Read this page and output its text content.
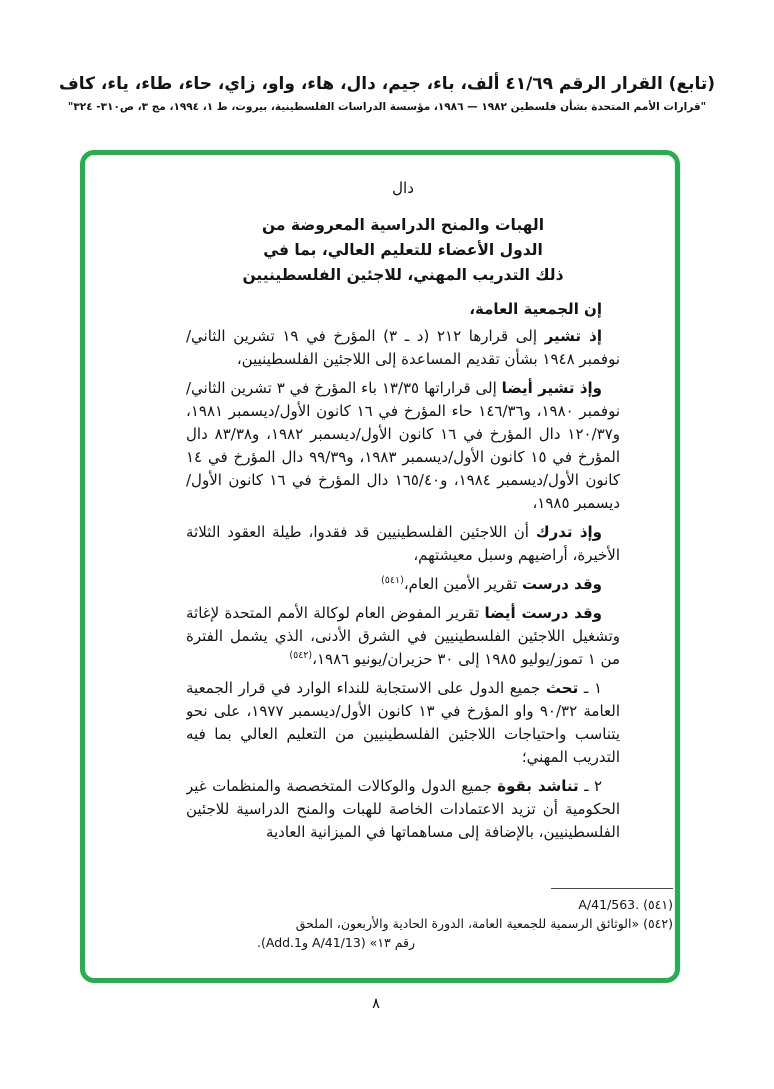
(تابع) القرار الرقم ٤١/٦٩ ألف، باء، جيم، دال، هاء، واو، زاي، حاء، طاء، ياء، كاف
"قرارات الأمم المتحدة بشأن فلسطين ١٩٨٢ — ١٩٨٦، مؤسسة الدراسات الفلسطينية، بيروت، ط ١، ١٩٩٤، مج ٣، ص٣١٠- ٣٢٤"
دال
الهبات والمنح الدراسية المعروضة من
الدول الأعضاء للتعليم العالي، بما في
ذلك التدريب المهني، للاجئين الفلسطينيين

إن الجمعية العامة،

إذ تشير إلى قرارها ٢١٢ (د ـ ٣) المؤرخ في ١٩ تشرين الثاني/نوفمبر ١٩٤٨ بشأن تقديم المساعدة إلى اللاجئين الفلسطينيين،

وإذ تشير أيضا إلى قراراتها ١٣/٣٥ باء المؤرخ في ٣ تشرين الثاني/نوفمبر ١٩٨٠، و١٤٦/٣٦ حاء المؤرخ في ١٦ كانون الأول/ديسمبر ١٩٨١، و١٢٠/٣٧ دال المؤرخ في ١٦ كانون الأول/ديسمبر ١٩٨٢، و٨٣/٣٨ دال المؤرخ في ١٥ كانون الأول/ديسمبر ١٩٨٣، و٩٩/٣٩ دال المؤرخ في ١٤ كانون الأول/ديسمبر ١٩٨٤، و١٦٥/٤٠ دال المؤرخ في ١٦ كانون الأول/ديسمبر ١٩٨٥،

وإذ تدرك أن اللاجئين الفلسطينيين قد فقدوا، طيلة العقود الثلاثة الأخيرة، أراضيهم وسبل معيشتهم،

وقد درست تقرير الأمين العام،$^{(٥٤١)}$

وقد درست أيضا تقرير المفوض العام لوكالة الأمم المتحدة لإغاثة وتشغيل اللاجئين الفلسطينيين في الشرق الأدنى، الذي يشمل الفترة من ١ تموز/يوليو ١٩٨٥ إلى ٣٠ حزيران/يونيو ١٩٨٦،$^{(٥٤٢)}$

١ ـ تحث جميع الدول على الاستجابة للنداء الوارد في قرار الجمعية العامة ٩٠/٣٢ واو المؤرخ في ١٣ كانون الأول/ديسمبر ١٩٧٧، على نحو يتناسب واحتياجات اللاجئين الفلسطينيين من التعليم العالي بما فيه التدريب المهني؛

٢ ـ تناشد بقوة جميع الدول والوكالات المتخصصة والمنظمات غير الحكومية أن تزيد الاعتمادات الخاصة للهبات والمنح الدراسية للاجئين الفلسطينيين، بالإضافة إلى مساهماتها في الميزانية العادية

(٥٤١) A/41/563.
(٥٤٢) «الوثائق الرسمية للجمعية العامة، الدورة الحادية والأربعون، الملحق
رقم ١٣» (A/41/13 وAdd.1).
٨
